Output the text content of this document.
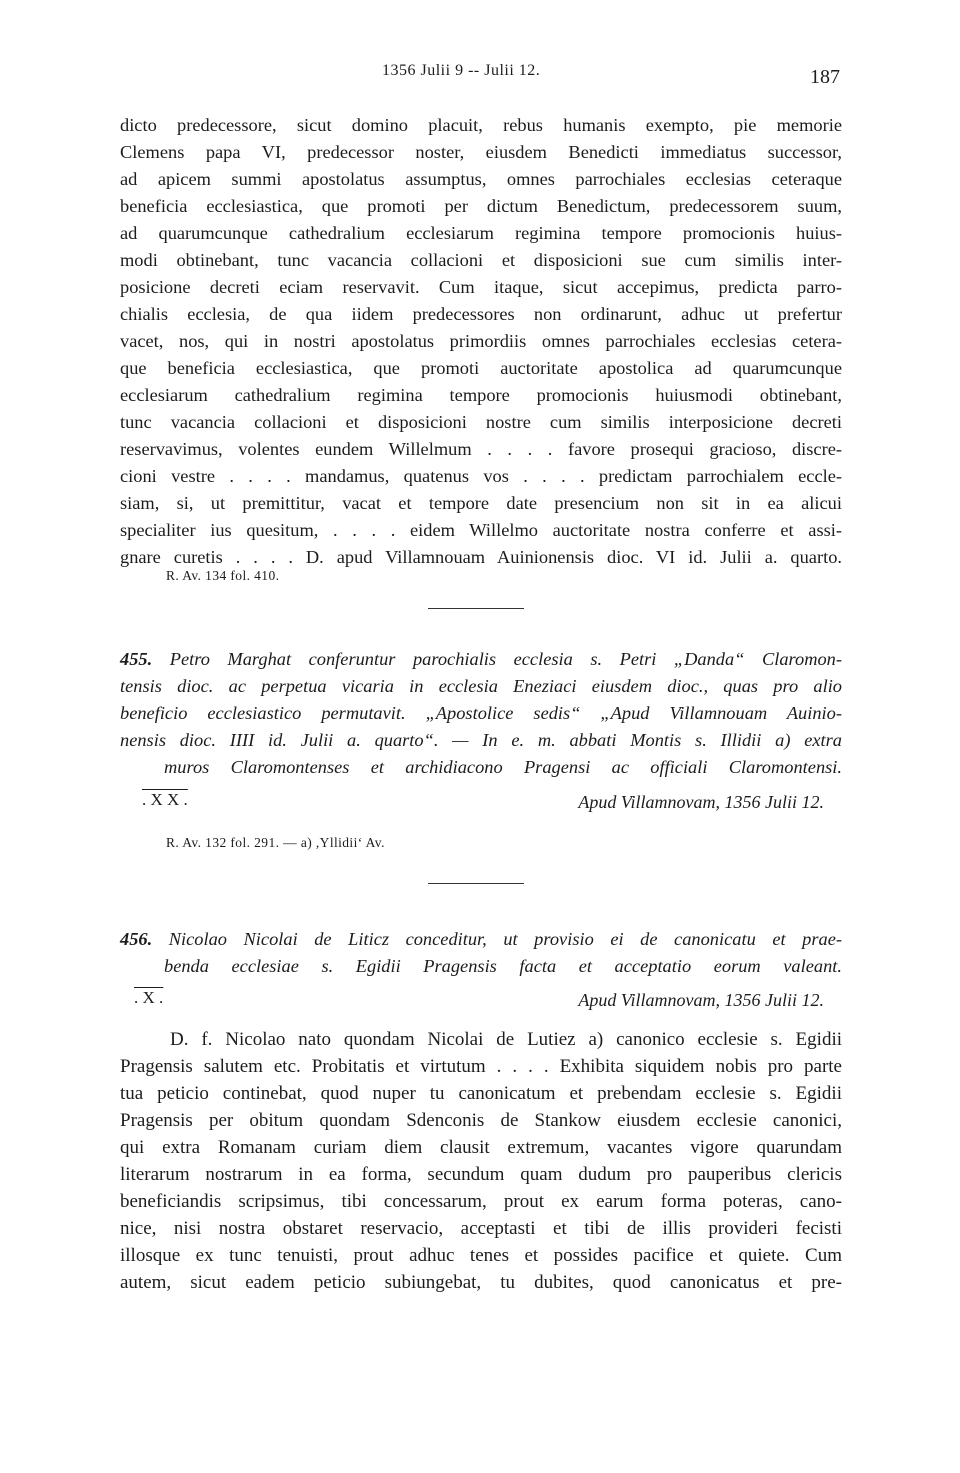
1356 Julii 9 -- Julii 12.	187
dicto predecessore, sicut domino placuit, rebus humanis exempto, pie memorie
Clemens papa VI, predecessor noster, eiusdem Benedicti immediatus successor,
ad apicem summi apostolatus assumptus, omnes parrochiales ecclesias ceteraque
beneficia ecclesiastica, que promoti per dictum Benedictum, predecessorem suum,
ad quarumcunque cathedralium ecclesiarum regimina tempore promocionis huius-
modi obtinebant, tunc vacancia collacioni et disposicioni sue cum similis inter-
posicione decreti eciam reservavit. Cum itaque, sicut accepimus, predicta parro-
chialis ecclesia, de qua iidem predecessores non ordinarunt, adhuc ut prefertur
vacet, nos, qui in nostri apostolatus primordiis omnes parrochiales ecclesias cetera-
que beneficia ecclesiastica, que promoti auctoritate apostolica ad quarumcunque
ecclesiarum cathedralium regimina tempore promocionis huiusmodi obtinebant,
tunc vacancia collacioni et disposicioni nostre cum similis interposicione decreti
reservavimus, volentes eundem Willelmum . . . . favore prosequi gracioso, discre-
cioni vestre . . . . mandamus, quatenus vos . . . . predictam parrochialem eccle-
siam, si, ut premittitur, vacat et tempore date presencium non sit in ea alicui
specialiter ius quesitum, . . . . eidem Willelmo auctoritate nostra conferre et assi-
gnare curetis . . . . D. apud Villamnouam Auinionensis dioc. VI id. Julii a. quarto.
R. Av. 134 fol. 410.
455. Petro Marghat conferuntur parochialis ecclesia s. Petri „Danda“ Claromon-
tensis dioc. ac perpetua vicaria in ecclesia Eneziaci eiusdem dioc., quas pro alio
beneficio ecclesiastico permutavit. „Apostolice sedis“ „Apud Villamnouam Auinio-
nensis dioc. IIII id. Julii a. quarto“. — In e. m. abbati Montis s. Illidii a) extra
muros Claromontenses et archidiacono Pragensi ac officiali Claromontensi.
. X X .	Apud Villamnovam, 1356 Julii 12.
R. Av. 132 fol. 291. — a) ,Yllidii‘ Av.
456. Nicolao Nicolai de Liticz conceditur, ut provisio ei de canonicatu et prae-
benda ecclesiae s. Egidii Pragensis facta et acceptatio eorum valeant.
. X .	Apud Villamnovam, 1356 Julii 12.
D. f. Nicolao nato quondam Nicolai de Lutiez a) canonico ecclesie s. Egidii
Pragensis salutem etc. Probitatis et virtutum . . . . Exhibita siquidem nobis pro parte
tua peticio continebat, quod nuper tu canonicatum et prebendam ecclesie s. Egidii
Pragensis per obitum quondam Sdenconis de Stankow eiusdem ecclesie canonici,
qui extra Romanam curiam diem clausit extremum, vacantes vigore quarundam
literarum nostrarum in ea forma, secundum quam dudum pro pauperibus clericis
beneficiandis scripsimus, tibi concessarum, prout ex earum forma poteras, cano-
nice, nisi nostra obstaret reservacio, acceptasti et tibi de illis provideri fecisti
illosque ex tunc tenuisti, prout adhuc tenes et possides pacifice et quiete. Cum
autem, sicut eadem peticio subiungebat, tu dubites, quod canonicatus et pre-
